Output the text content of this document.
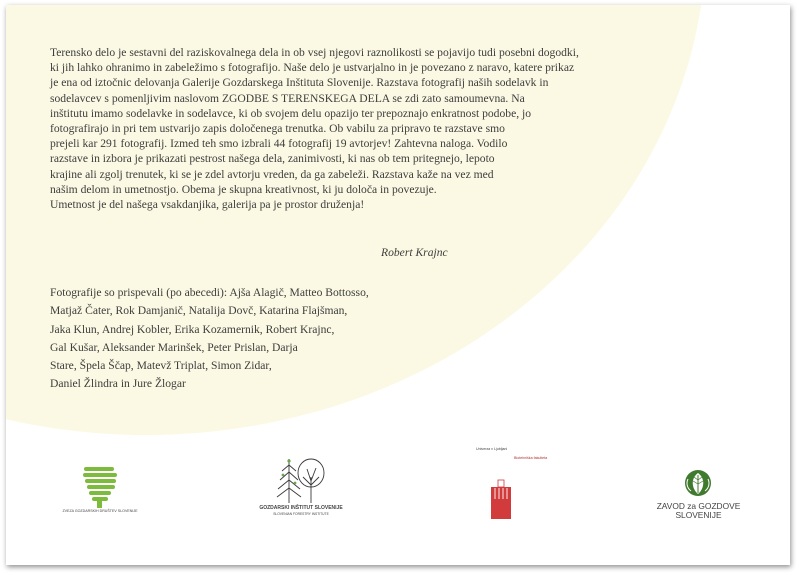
Terensko delo je sestavni del raziskovalnega dela in ob vsej njegovi raznolikosti se pojavijo tudi posebni dogodki,
ki jih lahko ohranimo in zabeležimo s fotografijo. Naše delo je ustvarjalno in je povezano z naravo, katere prikaz
je ena od iztočnic delovanja Galerije Gozdarskega Inštituta Slovenije. Razstava fotografij naših sodelavk in
sodelavcev s pomenljivim naslovom ZGODBE S TERENSKEGA DELA se zdi zato samoumevna. Na
inštitutu imamo sodelavke in sodelavce, ki ob svojem delu opazijo ter prepoznajo enkratnost podobe, jo
fotografirajo in pri tem ustvarijo zapis določenega trenutka. Ob vabilu za pripravo te razstave smo
prejeli kar 291 fotografij. Izmed teh smo izbrali 44 fotografij 19 avtorjev! Zahtevna naloga. Vodilo
razstave in izbora je prikazati pestrost našega dela, zanimivosti, ki nas ob tem pritegnejo, lepoto
krajine ali zgolj trenutek, ki se je zdel avtorju vreden, da ga zabeleži. Razstava kaže na vez med
našim delom in umetnostjo. Obema je skupna kreativnost, ki ju določa in povezuje.
Umetnost je del našega vsakdanjika, galerija pa je prostor druženja!
Robert Krajnc
Fotografije so prispevali (po abecedi): Ajša Alagič, Matteo Bottosso,
Matjaž Čater, Rok Damjanič, Natalija Dovč, Katarina Flajšman,
Jaka Klun, Andrej Kobler, Erika Kozamernik, Robert Krajnc,
Gal Kušar, Aleksander Marinšek, Peter Prislan, Darja
Stare, Špela Ščap, Matevž Triplat, Simon Zidar,
Daniel Žlindra in Jure Žlogar
ZVEZA GOZDARSKIH DRUŠTEV SLOVENIJE	GOZDARSKI INŠTITUT SLOVENIJE
SLOVENIAN FORESTRY INSTITUTE
Univerza v Ljubljani
Biotehniška fakulteta
ZAVOD za GOZDOVE
SLOVENIJE
